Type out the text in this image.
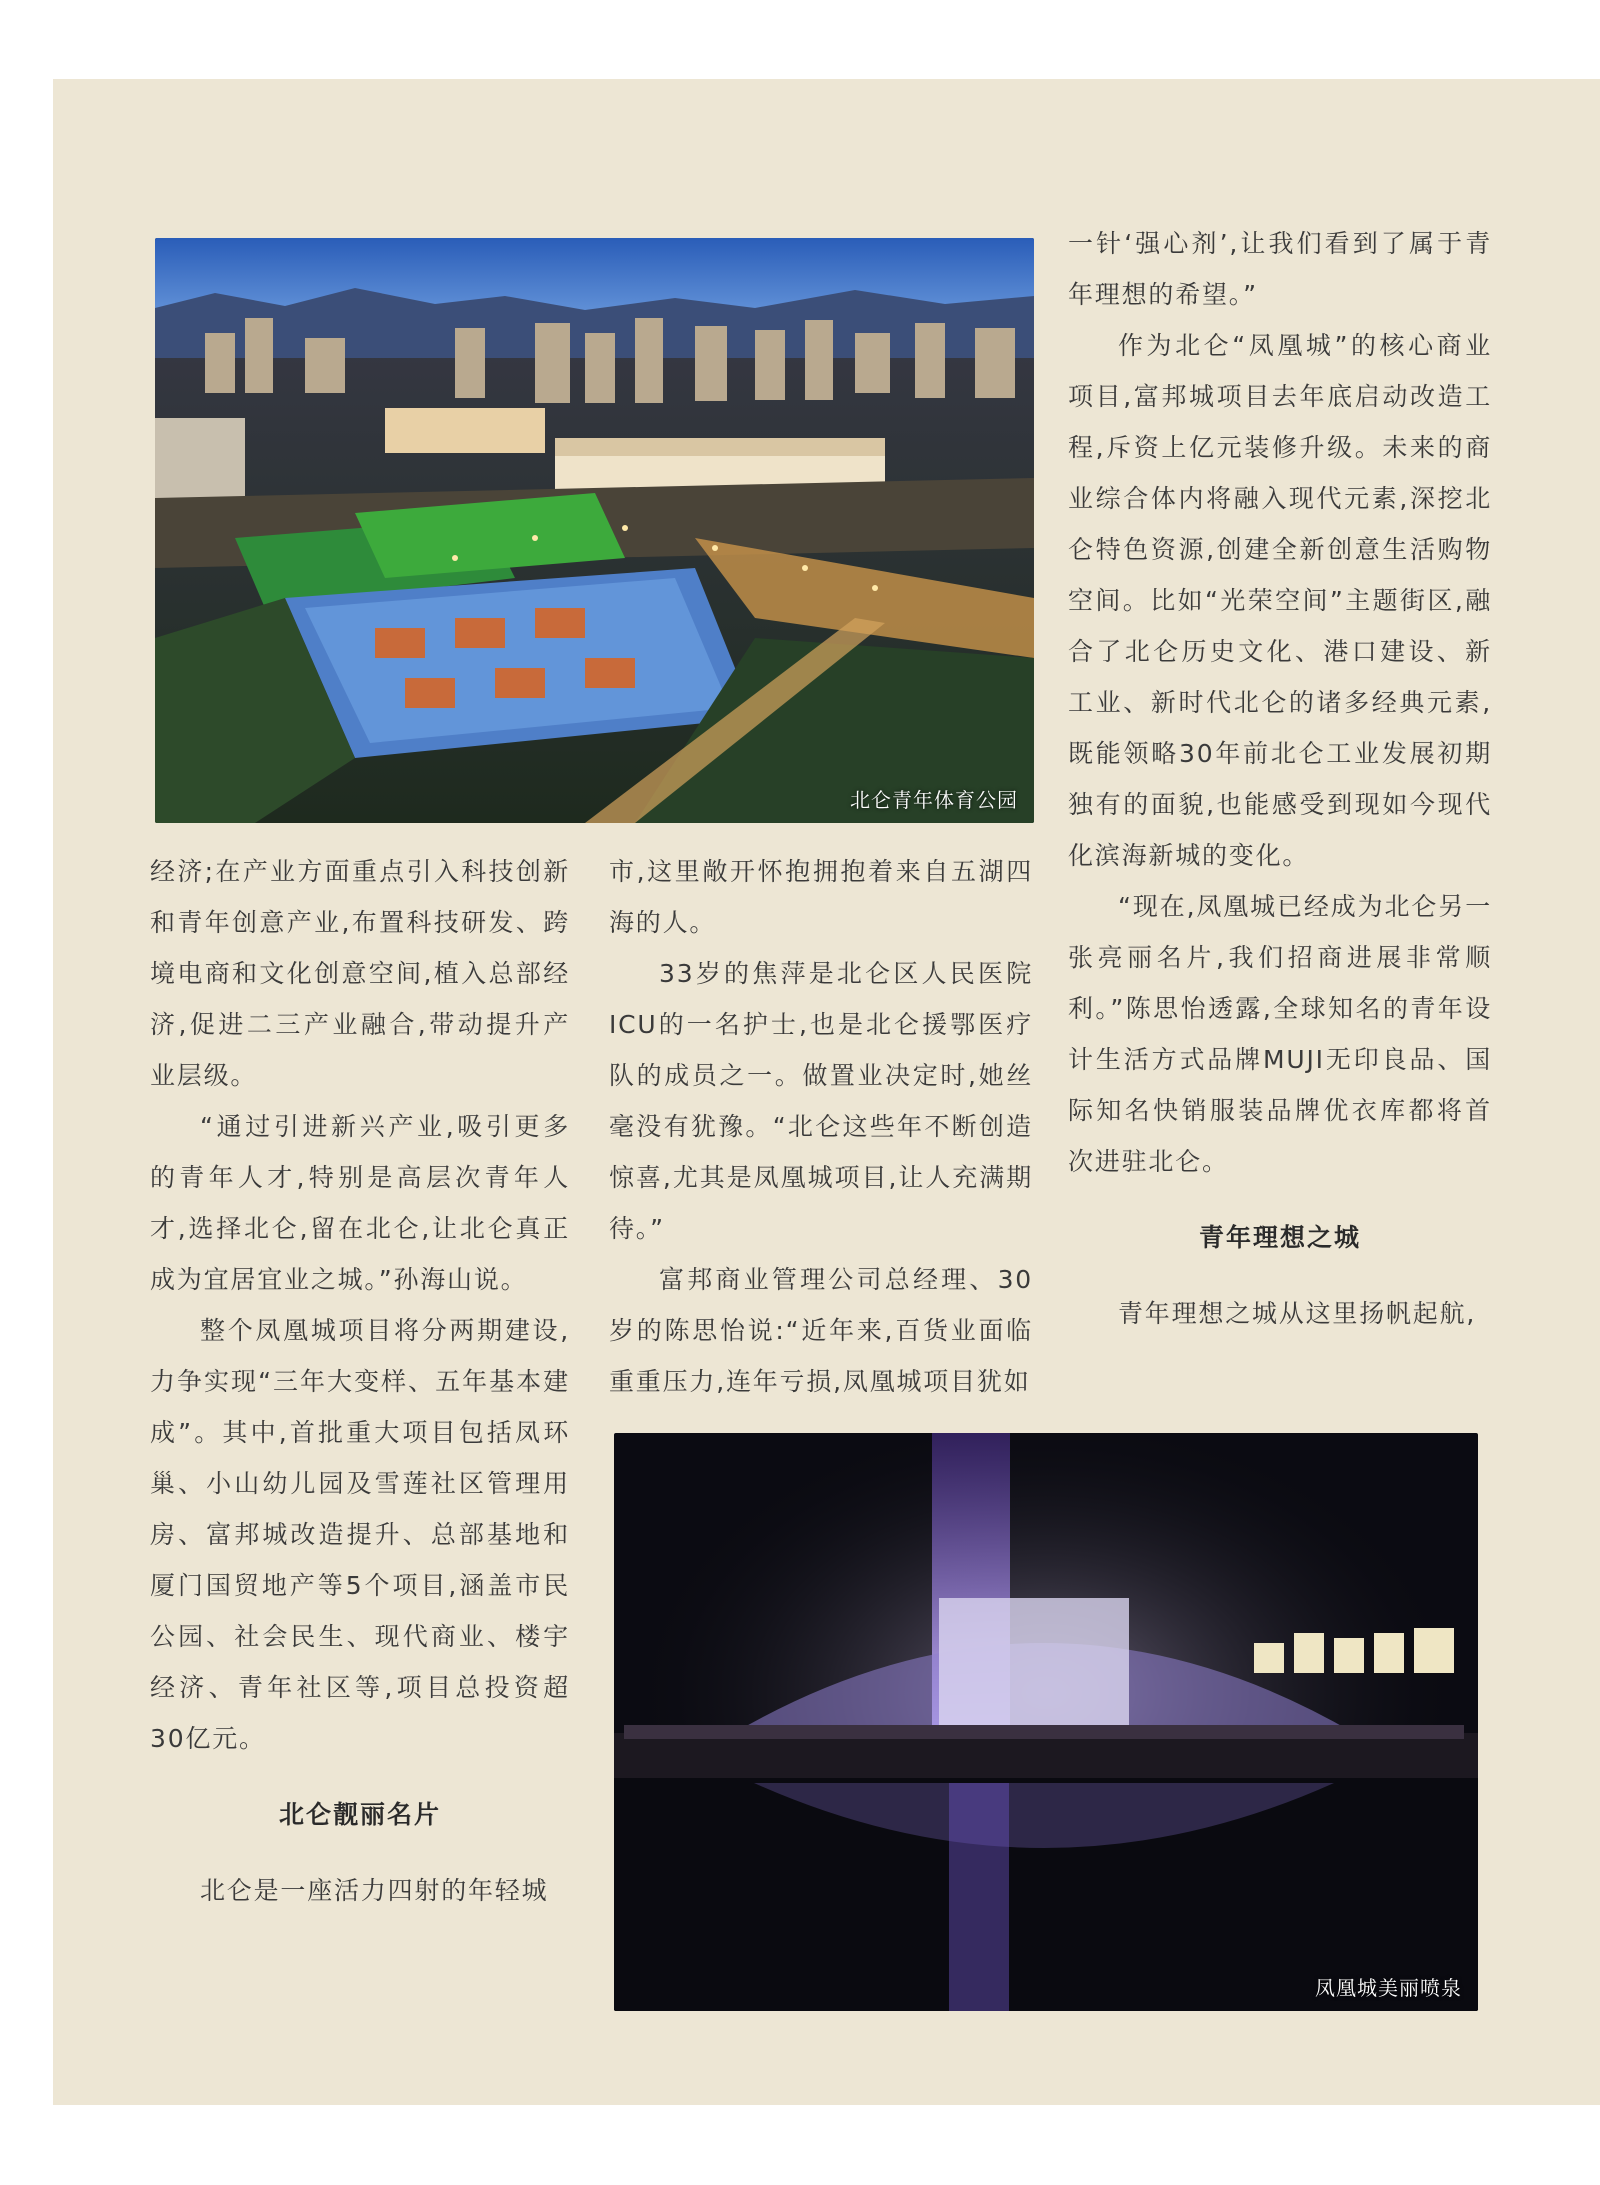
北仑青年体育公园
凤凰城美丽喷泉

一针‘强心剂’,让我们看到了属于青年理想的希望。”

作为北仑“凤凰城”的核心商业项目,富邦城项目去年底启动改造工程,斥资上亿元装修升级。未来的商业综合体内将融入现代元素,深挖北仑特色资源,创建全新创意生活购物空间。比如“光荣空间”主题街区,融合了北仑历史文化、港口建设、新工业、新时代北仑的诸多经典元素,既能领略30年前北仑工业发展初期独有的面貌,也能感受到现如今现代化滨海新城的变化。

“现在,凤凰城已经成为北仑另一张亮丽名片,我们招商进展非常顺利。”陈思怡透露,全球知名的青年设计生活方式品牌MUJI无印良品、国际知名快销服装品牌优衣库都将首次进驻北仑。

青年理想之城

青年理想之城从这里扬帆起航,

经济;在产业方面重点引入科技创新和青年创意产业,布置科技研发、跨境电商和文化创意空间,植入总部经济,促进二三产业融合,带动提升产业层级。

“通过引进新兴产业,吸引更多的青年人才,特别是高层次青年人才,选择北仑,留在北仑,让北仑真正成为宜居宜业之城。”孙海山说。

整个凤凰城项目将分两期建设,力争实现“三年大变样、五年基本建成”。其中,首批重大项目包括凤环巢、小山幼儿园及雪莲社区管理用房、富邦城改造提升、总部基地和厦门国贸地产等5个项目,涵盖市民公园、社会民生、现代商业、楼宇经济、青年社区等,项目总投资超30亿元。

北仑靓丽名片

北仑是一座活力四射的年轻城

市,这里敞开怀抱拥抱着来自五湖四海的人。

33岁的焦萍是北仑区人民医院ICU的一名护士,也是北仑援鄂医疗队的成员之一。做置业决定时,她丝毫没有犹豫。“北仑这些年不断创造惊喜,尤其是凤凰城项目,让人充满期待。”

富邦商业管理公司总经理、30岁的陈思怡说:“近年来,百货业面临重重压力,连年亏损,凤凰城项目犹如
